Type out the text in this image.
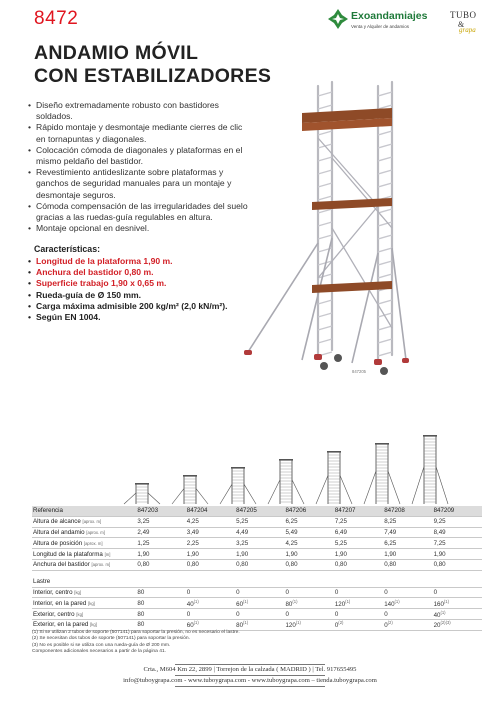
8472	Exoandamiajes
Venta y Alquiler de andamios
TUBO
&
grapa
ANDAMIO MÓVIL
CON ESTABILIZADORES
• Diseño extremadamente robusto con bastidores soldados.
• Rápido montaje y desmontaje mediante cierres de clic en tornapuntas y diagonales.
• Colocación cómoda de diagonales y plataformas en el mismo peldaño del bastidor.
• Revestimiento antideslizante sobre plataformas y ganchos de seguridad manuales para un montaje y desmontaje seguros.
• Cómoda compensación de las irregularidades del suelo gracias a las ruedas-guía regulables en altura.
• Montaje opcional en desnivel.
Características:
• Longitud de la plataforma 1,90 m.
• Anchura del bastidor 0,80 m.
• Superficie trabajo 1,90 x 0,65 m.
• Rueda-guía de Ø 150 mm.
• Carga máxima admisible 200 kg/m² (2,0 kN/m²).
• Según EN 1004.
847205
Referencia	847203	847204	847205	847206	847207	847208	847209
Altura de alcance [aprox. m]	3,25	4,25	5,25	6,25	7,25	8,25	9,25
Altura del andamio [aprox. m]	2,49	3,49	4,49	5,49	6,49	7,49	8,49
Altura de posición [aprox. m]	1,25	2,25	3,25	4,25	5,25	6,25	7,25
Longitud de la plataforma [m]	1,90	1,90	1,90	1,90	1,90	1,90	1,90
Anchura del bastidor [aprox. m]	0,80	0,80	0,80	0,80	0,80	0,80	0,80

Lastre							
Interior, centro [kg]	80	0	0	0	0	0	0
Interior, en la pared [kg]	80	40$^{(1)}$	60$^{(1)}$	80$^{(1)}$	120$^{(1)}$	140$^{(1)}$	160$^{(1)}$
Exterior, centro [kg]	80	0	0	0	0	0	40$^{(1)}$
Exterior, en la pared [kg]	80	60$^{(1)}$	80$^{(1)}$	120$^{(1)}$	0$^{(2)}$	0$^{(2)}$	$20^{(2)(3)}$
(1) Si se utilizan 2 tubos de soporte (507141) para soportar la presión, no es necesario el lastre.
(2) Se necesitan dos tubos de soporte (507141) para soportar la presión.
(3) No es posible si se utiliza con una rueda-guía de Ø 200 mm.
Componentes adicionales necesarios a partir de la página 41.
Crta., M604 Km 22, 2899 | Torrejon de la calzada ( MADRID ) | Tel. 917655495
info@tuboygrapa.com - www.tuboygrapa.com - www.tuboygrapa.com – tienda.tuboygrapa.com
